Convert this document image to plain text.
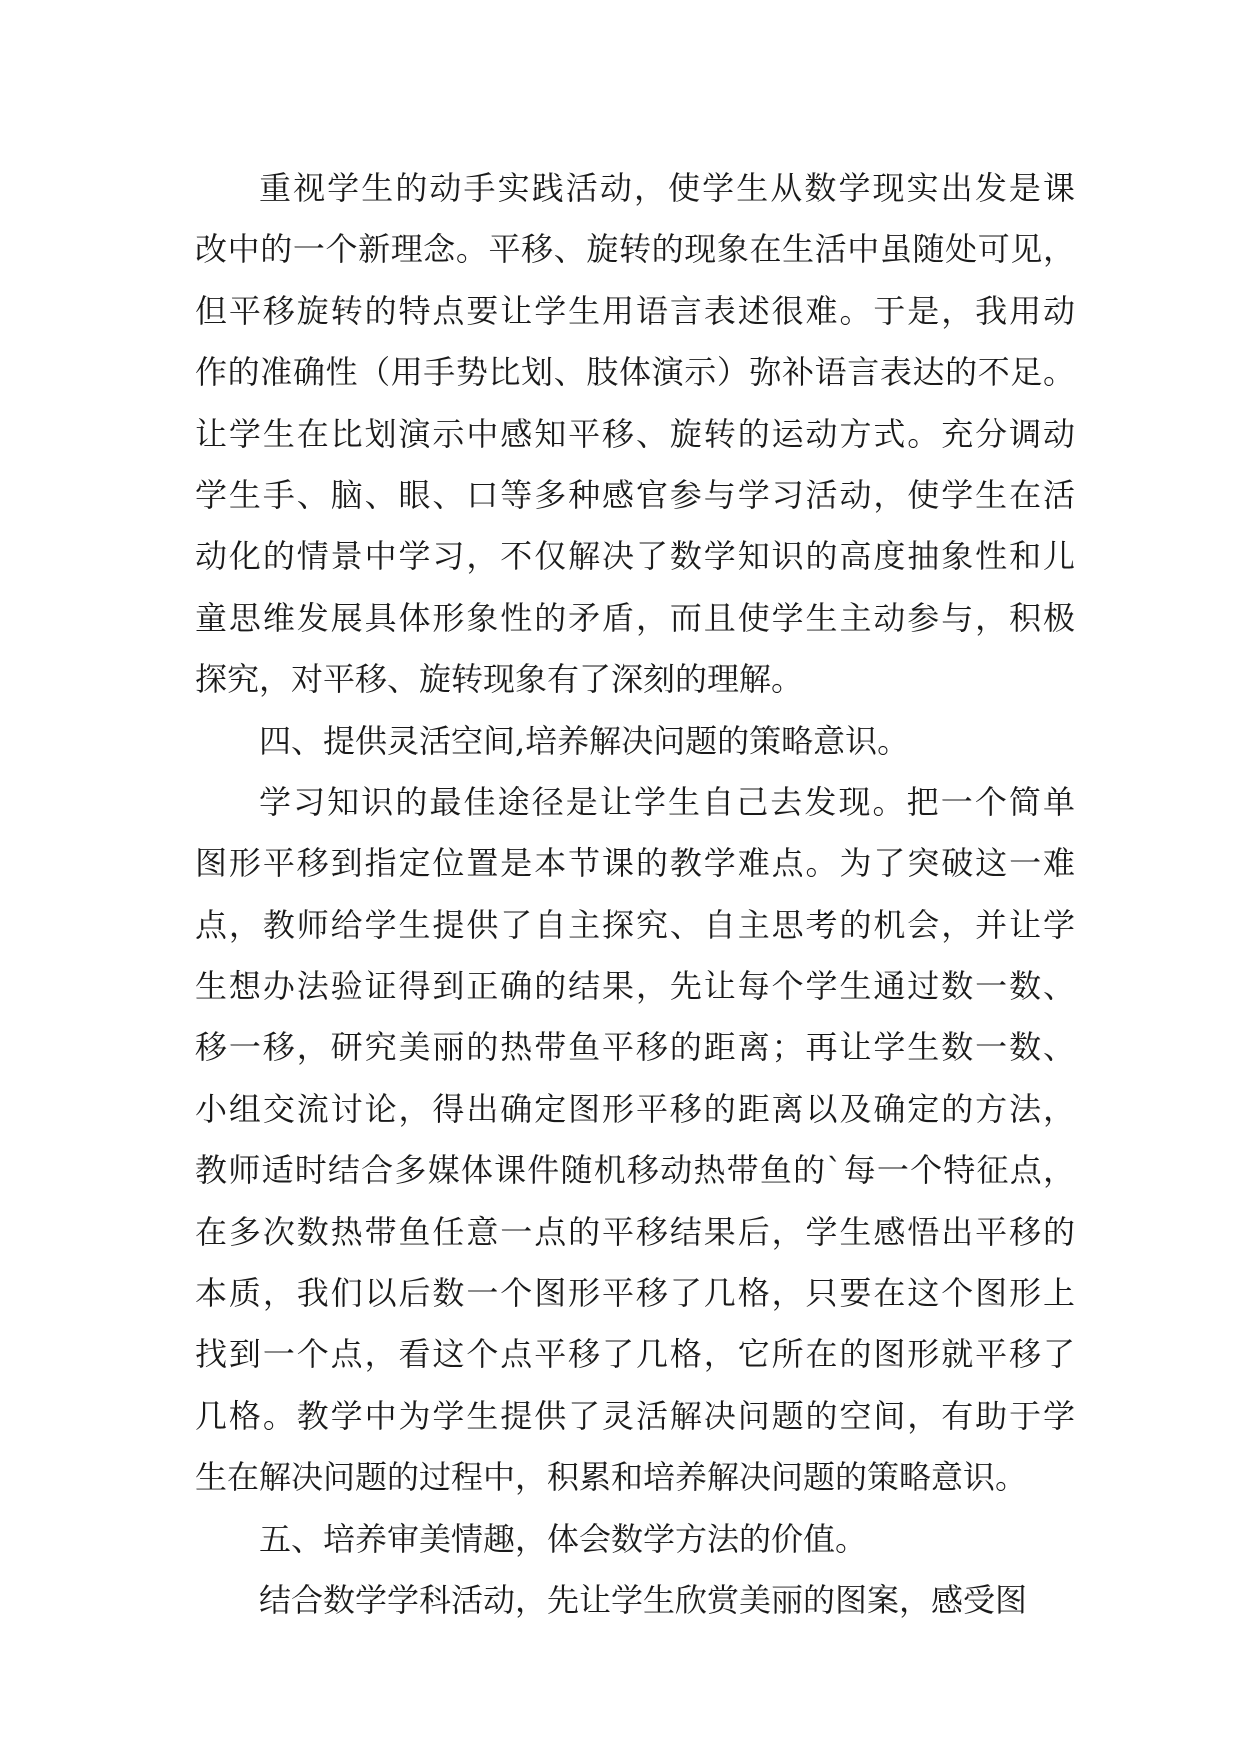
重视学生的动手实践活动，使学生从数学现实出发是课
改中的一个新理念。平移、旋转的现象在生活中虽随处可见，
但平移旋转的特点要让学生用语言表述很难。于是，我用动
作的准确性（用手势比划、肢体演示）弥补语言表达的不足。
让学生在比划演示中感知平移、旋转的运动方式。充分调动
学生手、脑、眼、口等多种感官参与学习活动，使学生在活
动化的情景中学习，不仅解决了数学知识的高度抽象性和儿
童思维发展具体形象性的矛盾，而且使学生主动参与，积极
探究，对平移、旋转现象有了深刻的理解。
四、提供灵活空间,培养解决问题的策略意识。
学习知识的最佳途径是让学生自己去发现。把一个简单
图形平移到指定位置是本节课的教学难点。为了突破这一难
点，教师给学生提供了自主探究、自主思考的机会，并让学
生想办法验证得到正确的结果，先让每个学生通过数一数、
移一移，研究美丽的热带鱼平移的距离；再让学生数一数、
小组交流讨论，得出确定图形平移的距离以及确定的方法，
教师适时结合多媒体课件随机移动热带鱼的`每一个特征点，
在多次数热带鱼任意一点的平移结果后，学生感悟出平移的
本质，我们以后数一个图形平移了几格，只要在这个图形上
找到一个点，看这个点平移了几格，它所在的图形就平移了
几格。教学中为学生提供了灵活解决问题的空间，有助于学
生在解决问题的过程中，积累和培养解决问题的策略意识。
五、培养审美情趣，体会数学方法的价值。
结合数学学科活动，先让学生欣赏美丽的图案，感受图
